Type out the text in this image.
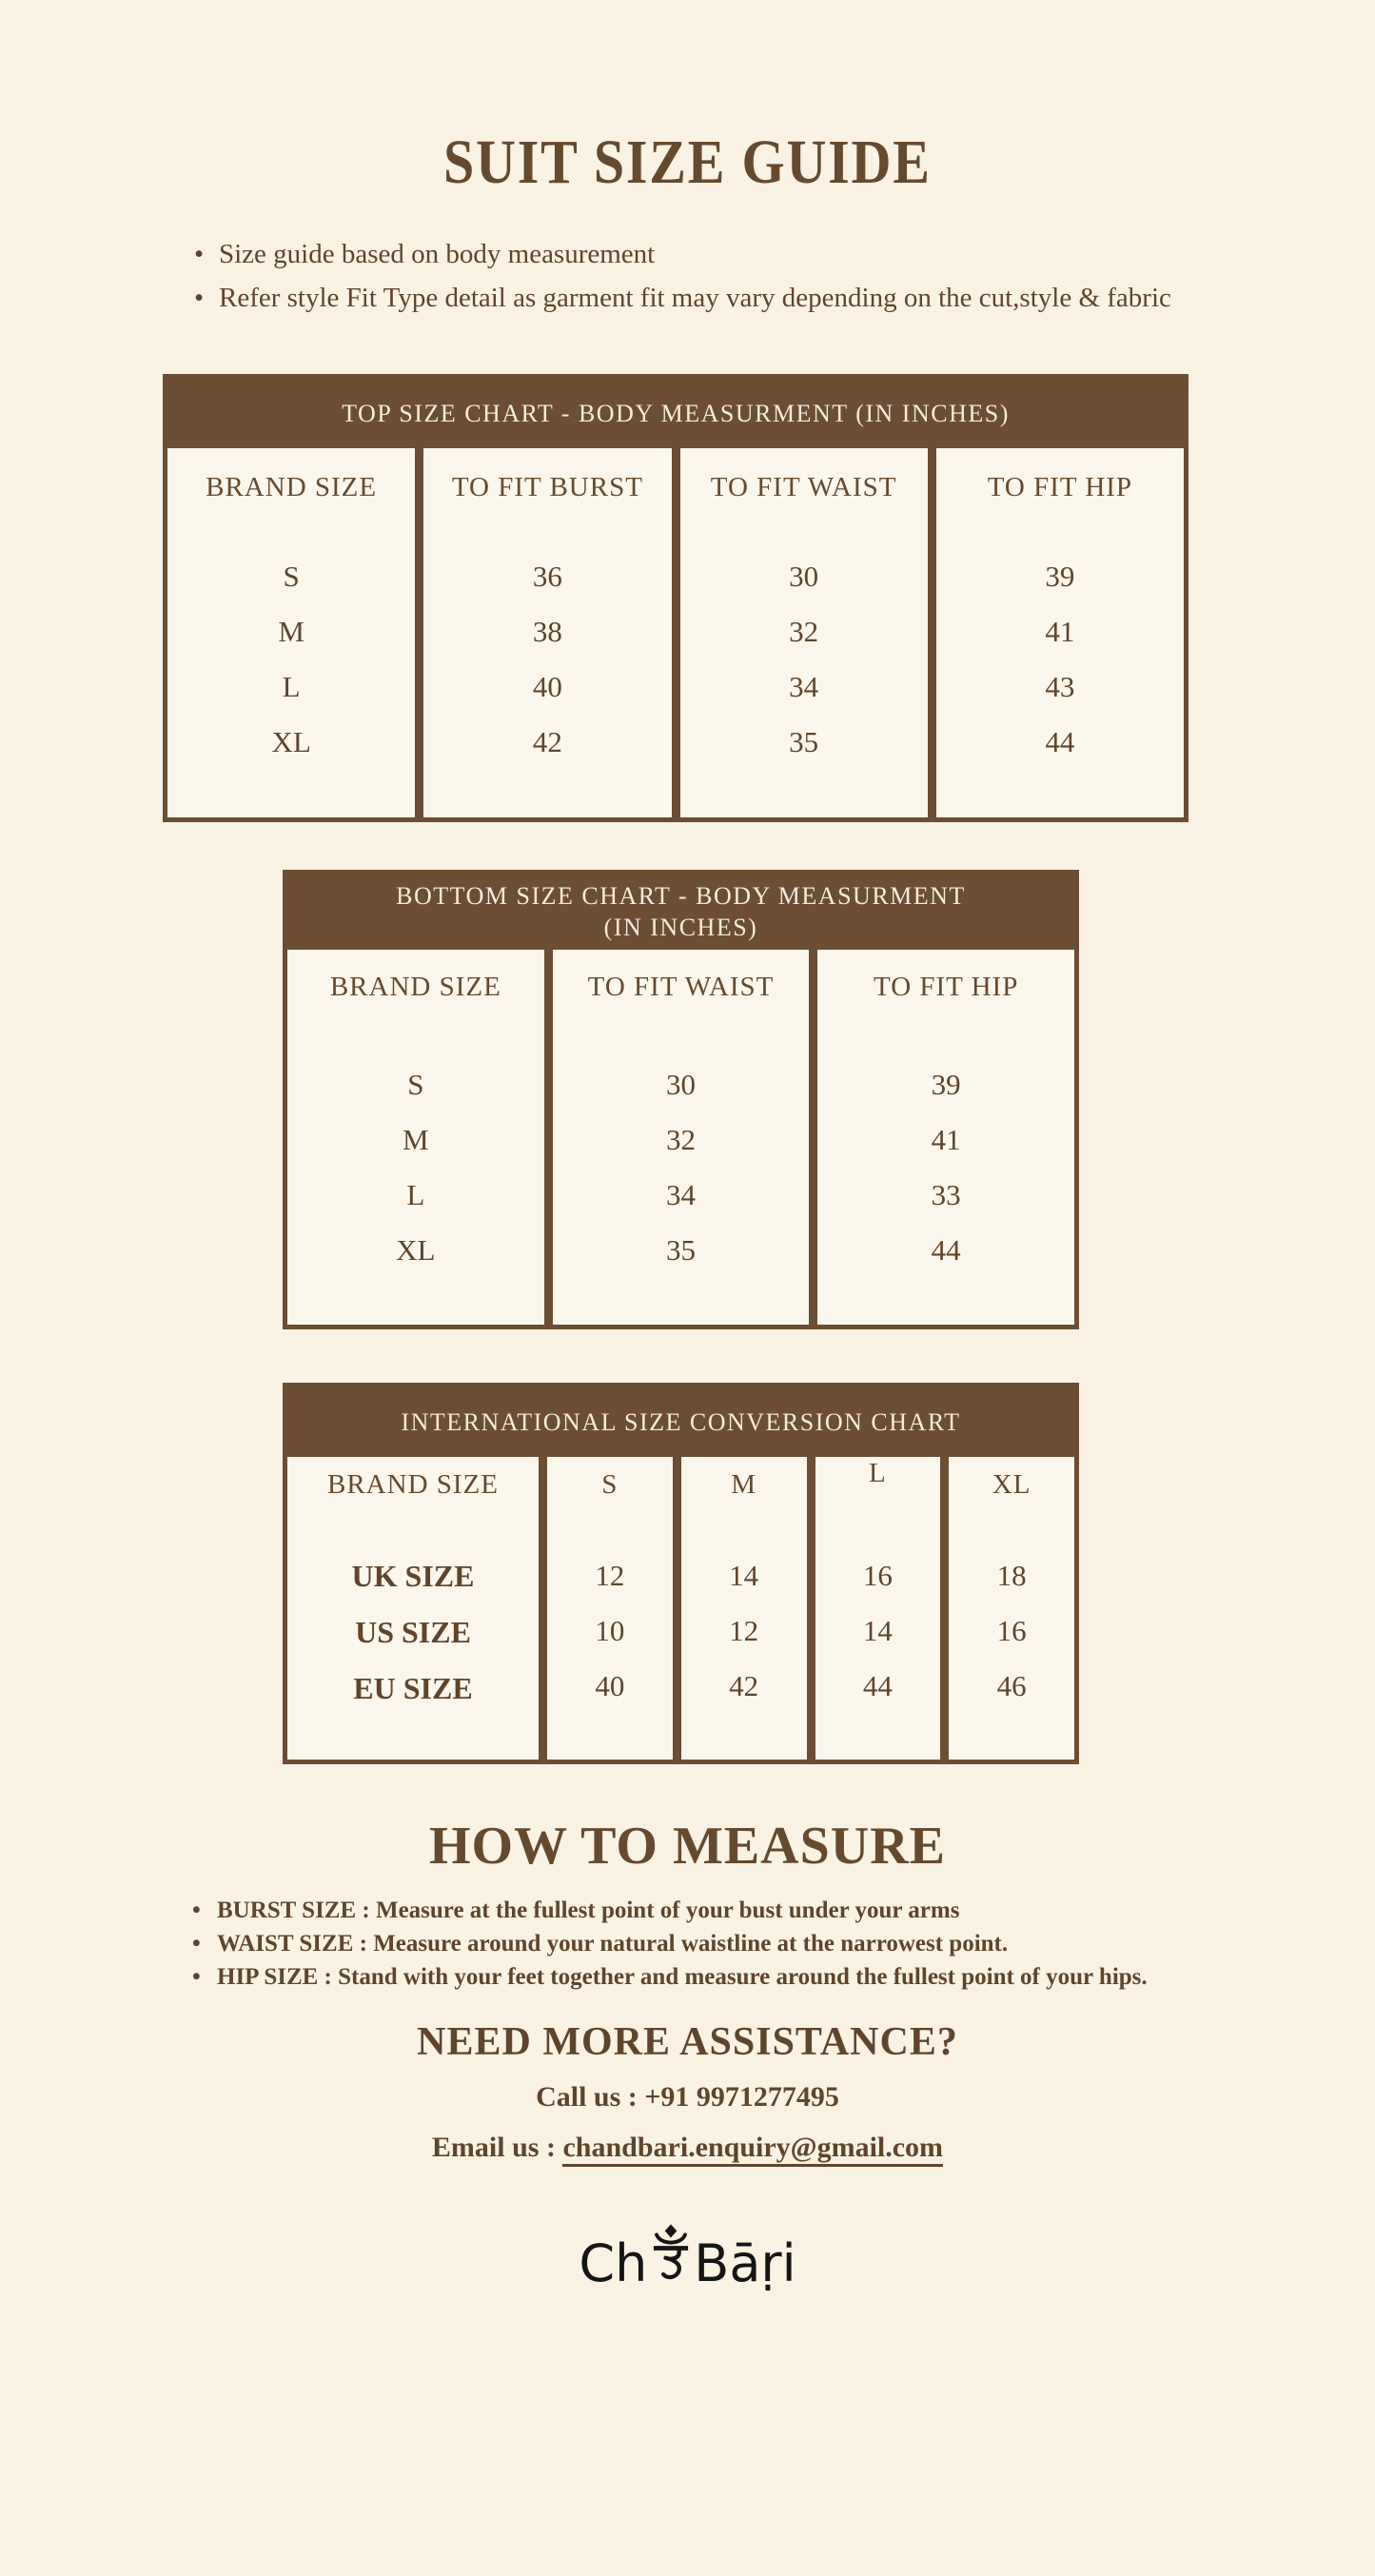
SUIT SIZE GUIDE
• Size guide based on body measurement
• Refer style Fit Type detail as garment fit may vary depending on the cut,style & fabric
TOP SIZE CHART - BODY MEASURMENT (IN INCHES)
BRAND SIZE
S
M
L
XL
TO FIT BURST
36
38
40
42
TO FIT WAIST
30
32
34
35
TO FIT HIP
39
41
43
44
BOTTOM SIZE CHART - BODY MEASURMENT
(IN INCHES)
BRAND SIZE
S
M
L
XL
TO FIT WAIST
30
32
34
35
TO FIT HIP
39
41
33
44
INTERNATIONAL SIZE CONVERSION CHART
BRAND SIZE
UK SIZE
US SIZE
EU SIZE
S
12
10
40
M
14
12
42
L
16
14
44
XL
18
16
46
HOW TO MEASURE
• BURST SIZE : Measure at the fullest point of your bust under your arms
• WAIST SIZE : Measure around your natural waistline at the narrowest point.
• HIP SIZE : Stand with your feet together and measure around the fullest point of your hips.
NEED MORE ASSISTANCE?
Call us : +91 9971277495
Email us : chandbari.enquiry@gmail.com
Ch Bāṛi
